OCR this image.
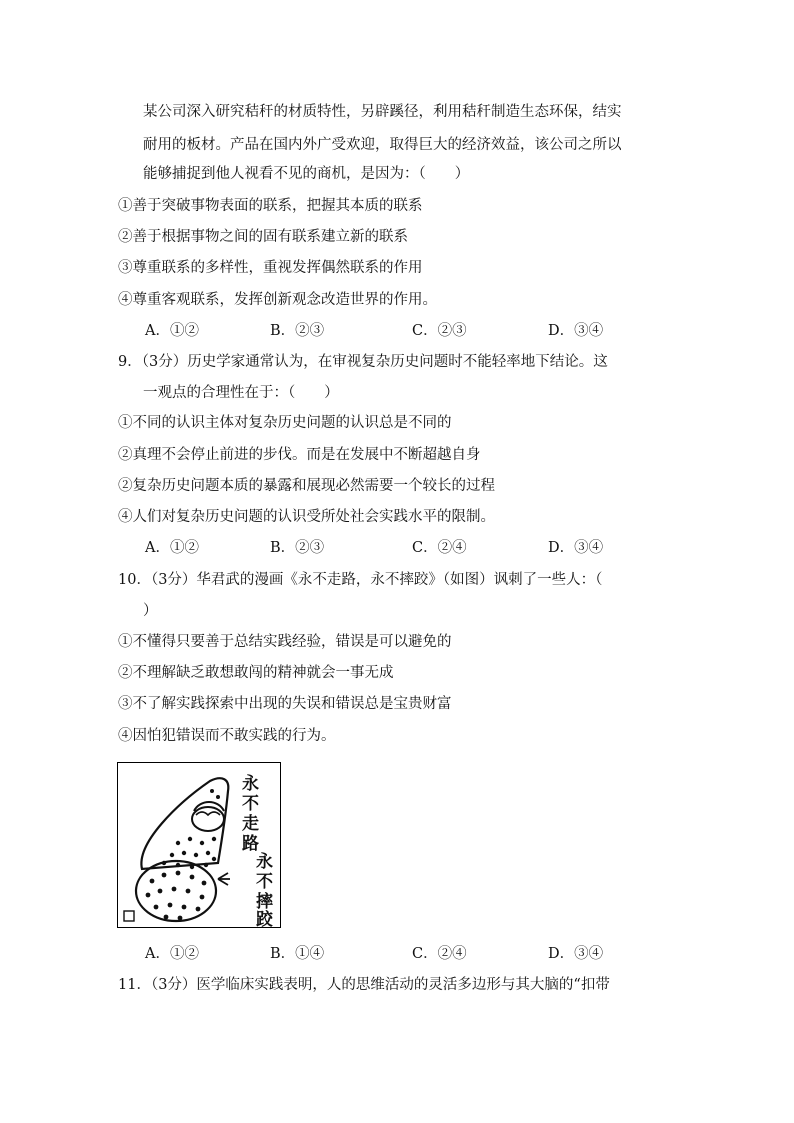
某公司深入研究秸秆的材质特性，另辟蹊径，利用秸秆制造生态环保，结实
耐用的板材。产品在国内外广受欢迎，取得巨大的经济效益，该公司之所以
能够捕捉到他人视看不见的商机，是因为：（　　）
①善于突破事物表面的联系，把握其本质的联系
②善于根据事物之间的固有联系建立新的联系
③尊重联系的多样性，重视发挥偶然联系的作用
④尊重客观联系，发挥创新观念改造世界的作用。
A．①②	B．②③	C．②③	D．③④
9．（3分）历史学家通常认为，在审视复杂历史问题时不能轻率地下结论。这
一观点的合理性在于：（　　）
①不同的认识主体对复杂历史问题的认识总是不同的
②真理不会停止前进的步伐。而是在发展中不断超越自身
②复杂历史问题本质的暴露和展现必然需要一个较长的过程
④人们对复杂历史问题的认识受所处社会实践水平的限制。
A．①②	B．②③	C．②④	D．③④
10．（3分）华君武的漫画《永不走路，永不摔跤》（如图）讽刺了一些人：（
）
①不懂得只要善于总结实践经验，错误是可以避免的
②不理解缺乏敢想敢闯的精神就会一事无成
③不了解实践探索中出现的失误和错误总是宝贵财富
④因怕犯错误而不敢实践的行为。
永
不
走
路
永
不
摔
跤
A．①②	B．①④	C．②④	D．③④
11．（3分）医学临床实践表明，人的思维活动的灵活多边形与其大脑的“扣带
